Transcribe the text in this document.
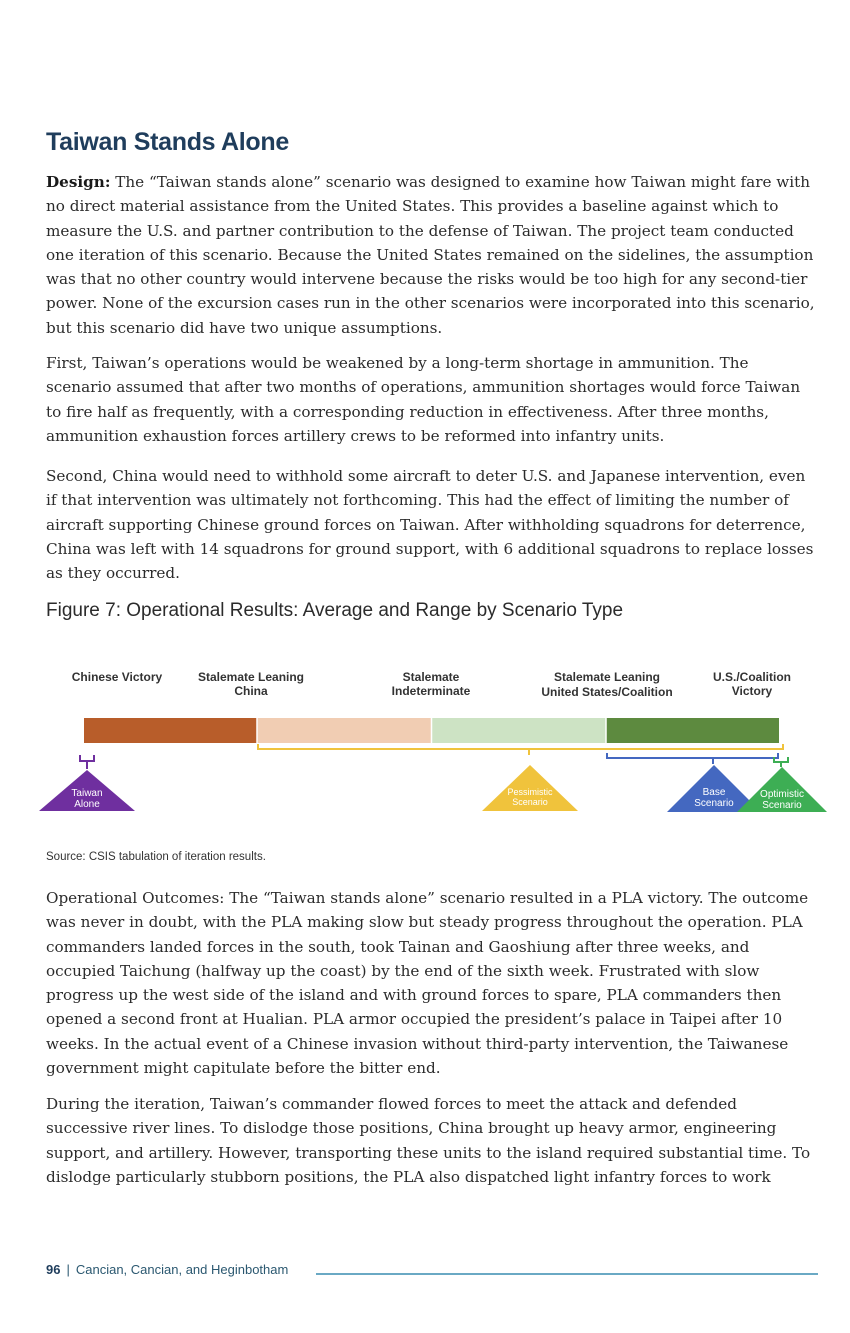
Taiwan Stands Alone

Design: The “Taiwan stands alone” scenario was designed to examine how Taiwan might fare with no direct material assistance from the United States. This provides a baseline against which to measure the U.S. and partner contribution to the defense of Taiwan. The project team conducted one iteration of this scenario. Because the United States remained on the sidelines, the assumption was that no other country would intervene because the risks would be too high for any second-tier power. None of the excursion cases run in the other scenarios were incorporated into this scenario, but this scenario did have two unique assumptions.

First, Taiwan’s operations would be weakened by a long-term shortage in ammunition. The scenario assumed that after two months of operations, ammunition shortages would force Taiwan to fire half as frequently, with a corresponding reduction in effectiveness. After three months, ammunition exhaustion forces artillery crews to be reformed into infantry units.

Second, China would need to withhold some aircraft to deter U.S. and Japanese intervention, even if that intervention was ultimately not forthcoming. This had the effect of limiting the number of aircraft supporting Chinese ground forces on Taiwan. After withholding squadrons for deterrence, China was left with 14 squadrons for ground support, with 6 additional squadrons to replace losses as they occurred.

Figure 7: Operational Results: Average and Range by Scenario Type
Chinese Victory	Stalemate Leaning
China
Stalemate
Indeterminate
Stalemate Leaning
United States/Coalition
U.S./Coalition
Victory
Taiwan
Alone
Pessimistic
Scenario
Base
Scenario
Optimistic
Scenario
Source: CSIS tabulation of iteration results.

Operational Outcomes: The “Taiwan stands alone” scenario resulted in a PLA victory. The outcome was never in doubt, with the PLA making slow but steady progress throughout the operation. PLA commanders landed forces in the south, took Tainan and Gaoshiung after three weeks, and occupied Taichung (halfway up the coast) by the end of the sixth week. Frustrated with slow progress up the west side of the island and with ground forces to spare, PLA commanders then opened a second front at Hualian. PLA armor occupied the president’s palace in Taipei after 10 weeks. In the actual event of a Chinese invasion without third-party intervention, the Taiwanese government might capitulate before the bitter end.

During the iteration, Taiwan’s commander flowed forces to meet the attack and defended successive river lines. To dislodge those positions, China brought up heavy armor, engineering support, and artillery. However, transporting these units to the island required substantial time. To dislodge particularly stubborn positions, the PLA also dispatched light infantry forces to work

96 | Cancian, Cancian, and Heginbotham
